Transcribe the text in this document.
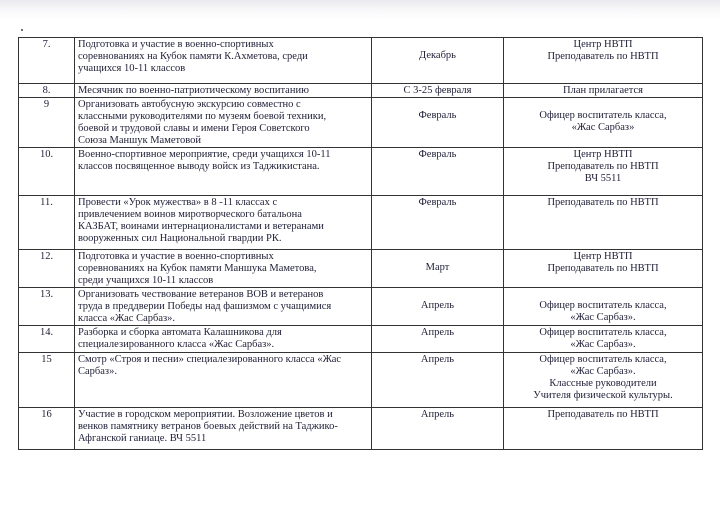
7.	Подготовка и участие в военно-спортивных
соревнованиях на Кубок памяти К.Ахметова, среди
учащихся 10-11 классов	Декабрь	Центр НВТП
Преподаватель по НВТП

8.	Месячник по военно-патриотическому воспитанию	С 3-25 февраля	План прилагается

9	Организовать автобусную экскурсию совместно с
классными руководителями по музеям боевой техники,
боевой и трудовой славы и имени Героя Советского
Союза Маншук Маметовой	Февраль	Офицер воспитатель класса,
«Жас Сарбаз»

10.	Военно-спортивное мероприятие, среди учащихся 10-11
классов посвященное выводу войск из Таджикистана.	Февраль	Центр НВТП
Преподаватель по НВТП
ВЧ 5511

11.	Провести «Урок мужества» в 8 -11 классах с
привлечением воинов миротворческого батальона
КАЗБАТ, воинами интернационалистами и ветеранами
вооруженных сил Национальной гвардии РК.	Февраль	Преподаватель по НВТП

12.	Подготовка и участие в военно-спортивных
соревнованиях на Кубок памяти Маншука Маметова,
среди учащихся 10-11 классов	Март	Центр НВТП
Преподаватель по НВТП

13.	Организовать чествование ветеранов ВОВ и ветеранов
труда в преддверии Победы над фашизмом с учащимися
класса «Жас Сарбаз».	Апрель	Офицер воспитатель класса,
«Жас Сарбаз».

14.	Разборка и сборка автомата Калашникова для
специалезированного класса «Жас Сарбаз».	Апрель	Офицер воспитатель класса,
«Жас Сарбаз».

15	Смотр «Строя и песни» специалезированного класса «Жас
Сарбаз».	Апрель	Офицер воспитатель класса,
«Жас Сарбаз».
Классные руководители
Учителя физической культуры.

16	Участие в городском мероприятии. Возложение цветов и
венков памятнику ветранов боевых действий на Таджико-
Афганской ганиаце. ВЧ 5511	Апрель	Преподаватель по НВТП
